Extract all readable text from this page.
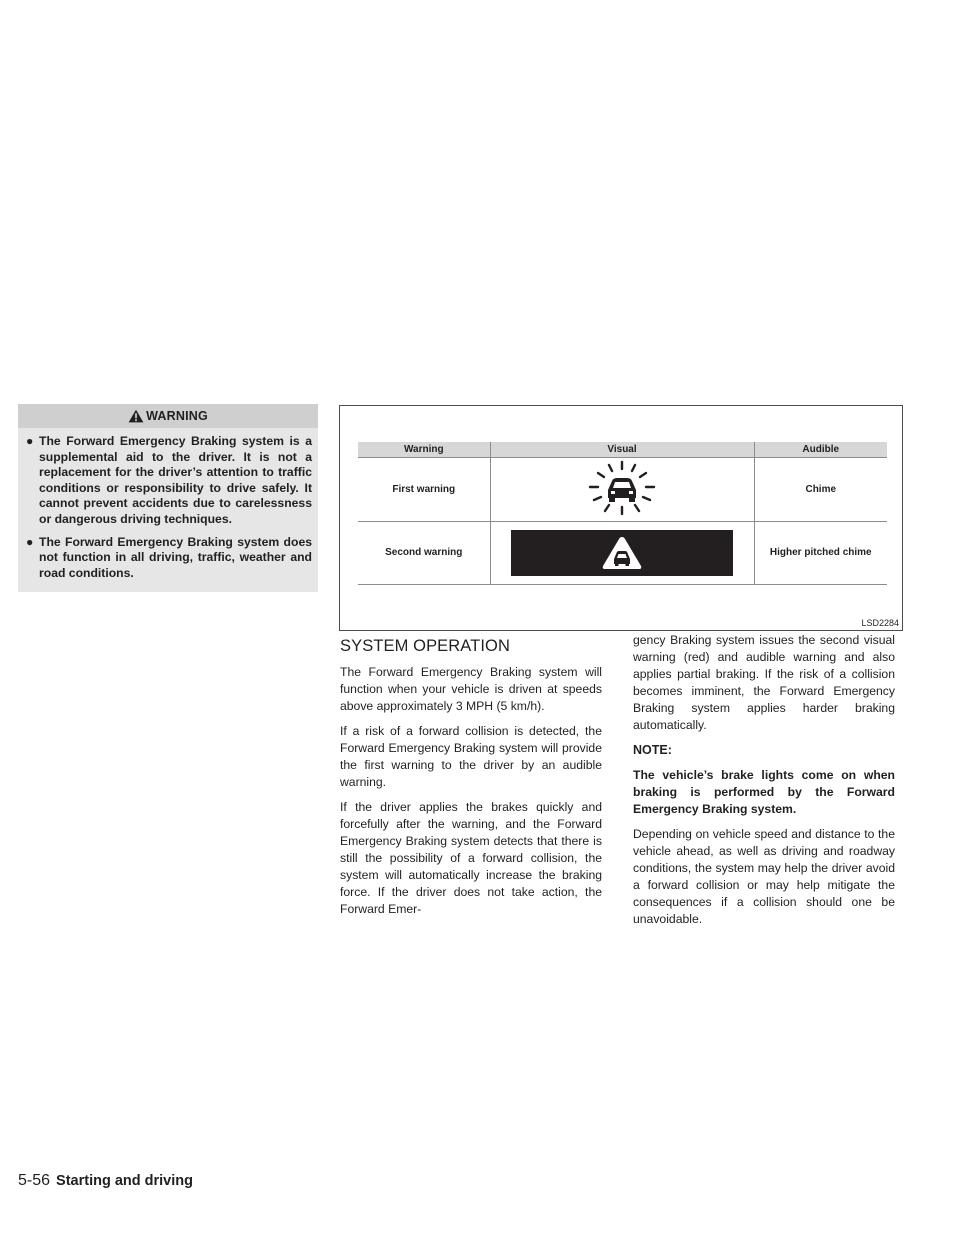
WARNING
● The Forward Emergency Braking system is a supplemental aid to the driver. It is not a replacement for the driver’s attention to traffic conditions or responsibility to drive safely. It cannot prevent accidents due to carelessness or dangerous driving techniques.
● The Forward Emergency Braking system does not function in all driving, traffic, weather and road conditions.
Warning	Visual	Audible
First warning		Chime
Second warning		Higher pitched chime
LSD2284
SYSTEM OPERATION

The Forward Emergency Braking system will function when your vehicle is driven at speeds above approximately 3 MPH (5 km/h).

If a risk of a forward collision is detected, the Forward Emergency Braking system will provide the first warning to the driver by an audible warning.

If the driver applies the brakes quickly and forcefully after the warning, and the Forward Emergency Braking system detects that there is still the possibility of a forward collision, the system will automatically increase the braking force. If the driver does not take action, the Forward Emer-

gency Braking system issues the second visual warning (red) and audible warning and also applies partial braking. If the risk of a collision becomes imminent, the Forward Emergency Braking system applies harder braking automatically.

NOTE:

The vehicle’s brake lights come on when braking is performed by the Forward Emergency Braking system.

Depending on vehicle speed and distance to the vehicle ahead, as well as driving and roadway conditions, the system may help the driver avoid a forward collision or may help mitigate the consequences if a collision should one be unavoidable.

5-56 Starting and driving
